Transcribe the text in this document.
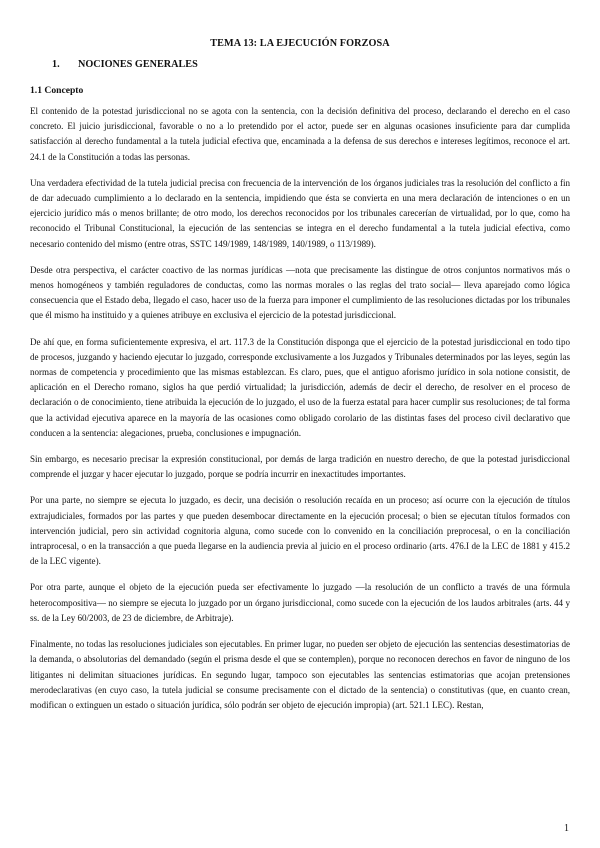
TEMA 13: LA EJECUCIÓN FORZOSA
1. NOCIONES GENERALES
1.1 Concepto

El contenido de la potestad jurisdiccional no se agota con la sentencia, con la decisión definitiva del proceso, declarando el derecho en el caso concreto. El juicio jurisdiccional, favorable o no a lo pretendido por el actor, puede ser en algunas ocasiones insuficiente para dar cumplida satisfacción al derecho fundamental a la tutela judicial efectiva que, encaminada a la defensa de sus derechos e intereses legítimos, reconoce el art. 24.1 de la Constitución a todas las personas.

Una verdadera efectividad de la tutela judicial precisa con frecuencia de la intervención de los órganos judiciales tras la resolución del conflicto a fin de dar adecuado cumplimiento a lo declarado en la sentencia, impidiendo que ésta se convierta en una mera declaración de intenciones o en un ejercicio jurídico más o menos brillante; de otro modo, los derechos reconocidos por los tribunales carecerían de virtualidad, por lo que, como ha reconocido el Tribunal Constitucional, la ejecución de las sentencias se integra en el derecho fundamental a la tutela judicial efectiva, como necesario contenido del mismo (entre otras, SSTC 149/1989, 148/1989, 140/1989, o 113/1989).

Desde otra perspectiva, el carácter coactivo de las normas jurídicas —nota que precisamente las distingue de otros conjuntos normativos más o menos homogéneos y también reguladores de conductas, como las normas morales o las reglas del trato social— lleva aparejado como lógica consecuencia que el Estado deba, llegado el caso, hacer uso de la fuerza para imponer el cumplimiento de las resoluciones dictadas por los tribunales que él mismo ha instituido y a quienes atribuye en exclusiva el ejercicio de la potestad jurisdiccional.

De ahí que, en forma suficientemente expresiva, el art. 117.3 de la Constitución disponga que el ejercicio de la potestad jurisdiccional en todo tipo de procesos, juzgando y haciendo ejecutar lo juzgado, corresponde exclusivamente a los Juzgados y Tribunales determinados por las leyes, según las normas de competencia y procedimiento que las mismas establezcan. Es claro, pues, que el antiguo aforismo jurídico in sola notione consistit, de aplicación en el Derecho romano, siglos ha que perdió virtualidad; la jurisdicción, además de decir el derecho, de resolver en el proceso de declaración o de conocimiento, tiene atribuida la ejecución de lo juzgado, el uso de la fuerza estatal para hacer cumplir sus resoluciones; de tal forma que la actividad ejecutiva aparece en la mayoría de las ocasiones como obligado corolario de las distintas fases del proceso civil declarativo que conducen a la sentencia: alegaciones, prueba, conclusiones e impugnación.

Sin embargo, es necesario precisar la expresión constitucional, por demás de larga tradición en nuestro derecho, de que la potestad jurisdiccional comprende el juzgar y hacer ejecutar lo juzgado, porque se podría incurrir en inexactitudes importantes.

Por una parte, no siempre se ejecuta lo juzgado, es decir, una decisión o resolución recaída en un proceso; así ocurre con la ejecución de títulos extrajudiciales, formados por las partes y que pueden desembocar directamente en la ejecución procesal; o bien se ejecutan títulos formados con intervención judicial, pero sin actividad cognitoria alguna, como sucede con lo convenido en la conciliación preprocesal, o en la conciliación intraprocesal, o en la transacción a que pueda llegarse en la audiencia previa al juicio en el proceso ordinario (arts. 476.I de la LEC de 1881 y 415.2 de la LEC vigente).

Por otra parte, aunque el objeto de la ejecución pueda ser efectivamente lo juzgado —la resolución de un conflicto a través de una fórmula heterocompositiva— no siempre se ejecuta lo juzgado por un órgano jurisdiccional, como sucede con la ejecución de los laudos arbitrales (arts. 44 y ss. de la Ley 60/2003, de 23 de diciembre, de Arbitraje).

Finalmente, no todas las resoluciones judiciales son ejecutables. En primer lugar, no pueden ser objeto de ejecución las sentencias desestimatorias de la demanda, o absolutorias del demandado (según el prisma desde el que se contemplen), porque no reconocen derechos en favor de ninguno de los litigantes ni delimitan situaciones jurídicas. En segundo lugar, tampoco son ejecutables las sentencias estimatorias que acojan pretensiones merodeclarativas (en cuyo caso, la tutela judicial se consume precisamente con el dictado de la sentencia) o constitutivas (que, en cuanto crean, modifican o extinguen un estado o situación jurídica, sólo podrán ser objeto de ejecución impropia) (art. 521.1 LEC). Restan,

1
